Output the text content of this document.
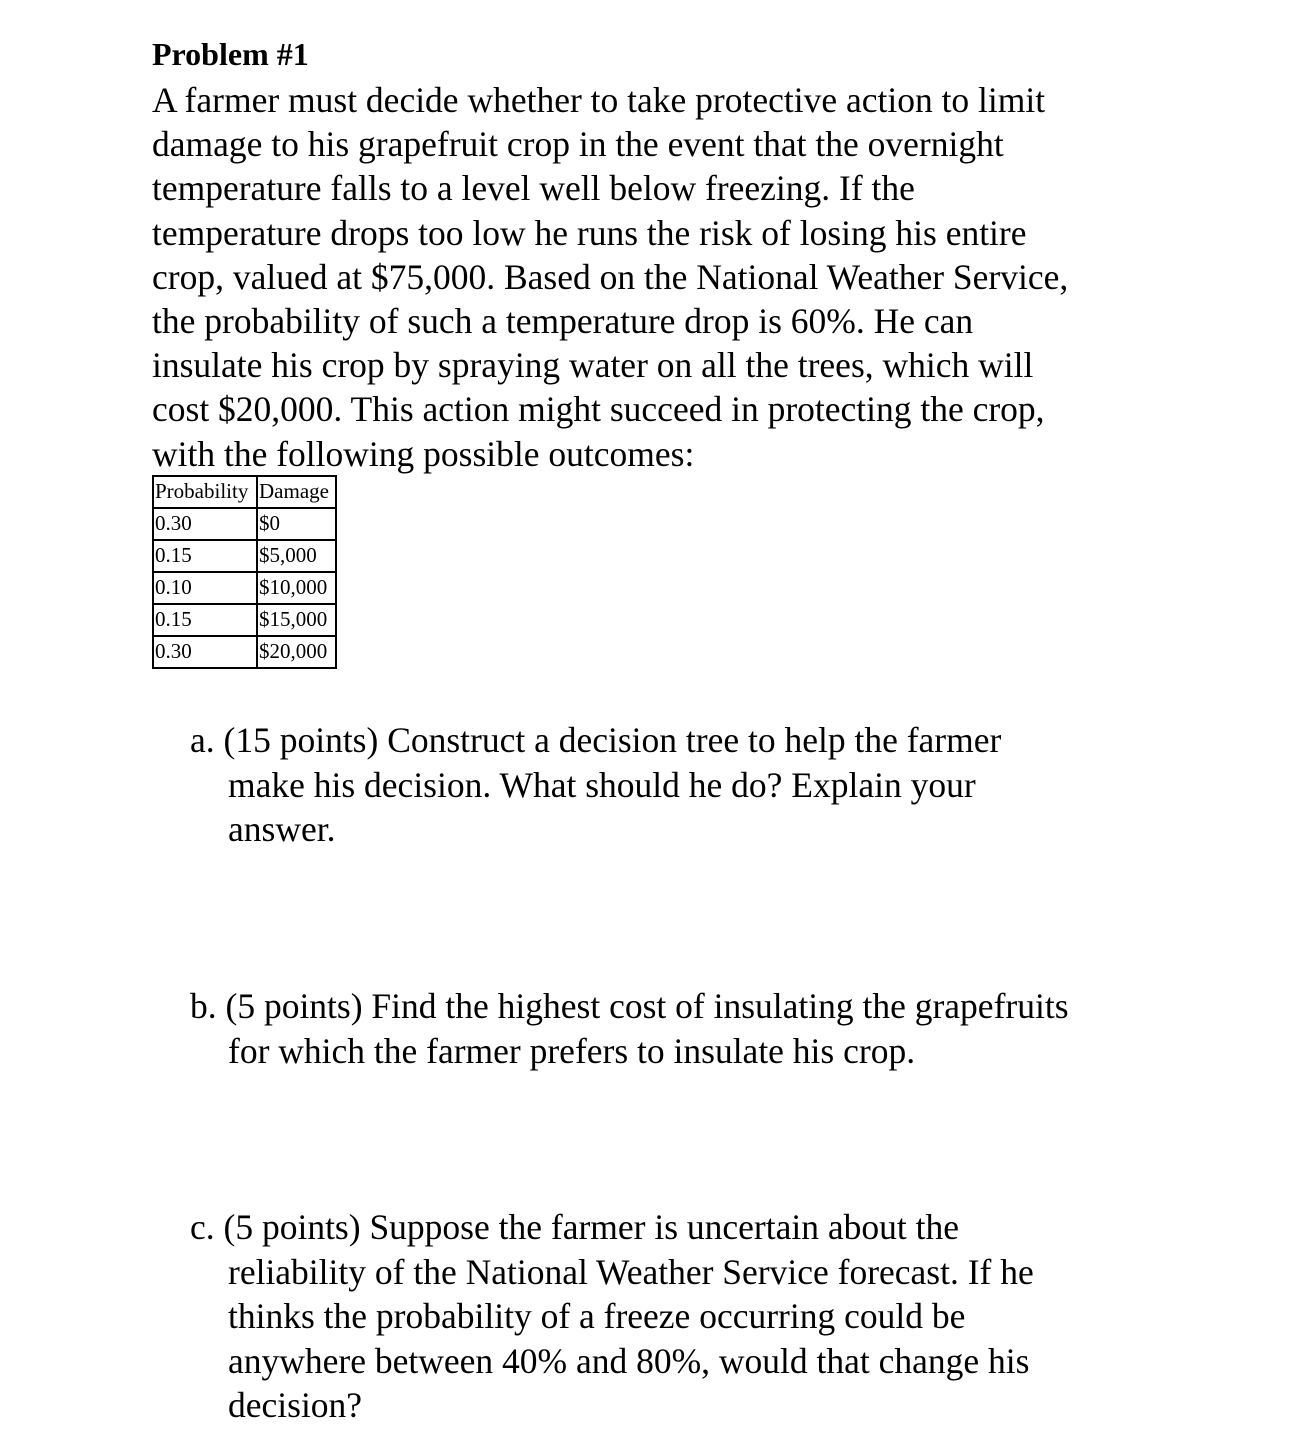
Problem #1

A farmer must decide whether to take protective action to limit
damage to his grapefruit crop in the event that the overnight
temperature falls to a level well below freezing. If the
temperature drops too low he runs the risk of losing his entire
crop, valued at $75,000. Based on the National Weather Service,
the probability of such a temperature drop is 60%. He can
insulate his crop by spraying water on all the trees, which will
cost $20,000. This action might succeed in protecting the crop,
with the following possible outcomes:

Probability	Damage
0.30	$0
0.15	$5,000
0.10	$10,000
0.15	$15,000
0.30	$20,000

a. (15 points) Construct a decision tree to help the farmer
make his decision. What should he do? Explain your
answer.

b. (5 points) Find the highest cost of insulating the grapefruits
for which the farmer prefers to insulate his crop.

c. (5 points) Suppose the farmer is uncertain about the
reliability of the National Weather Service forecast. If he
thinks the probability of a freeze occurring could be
anywhere between 40% and 80%, would that change his
decision?
